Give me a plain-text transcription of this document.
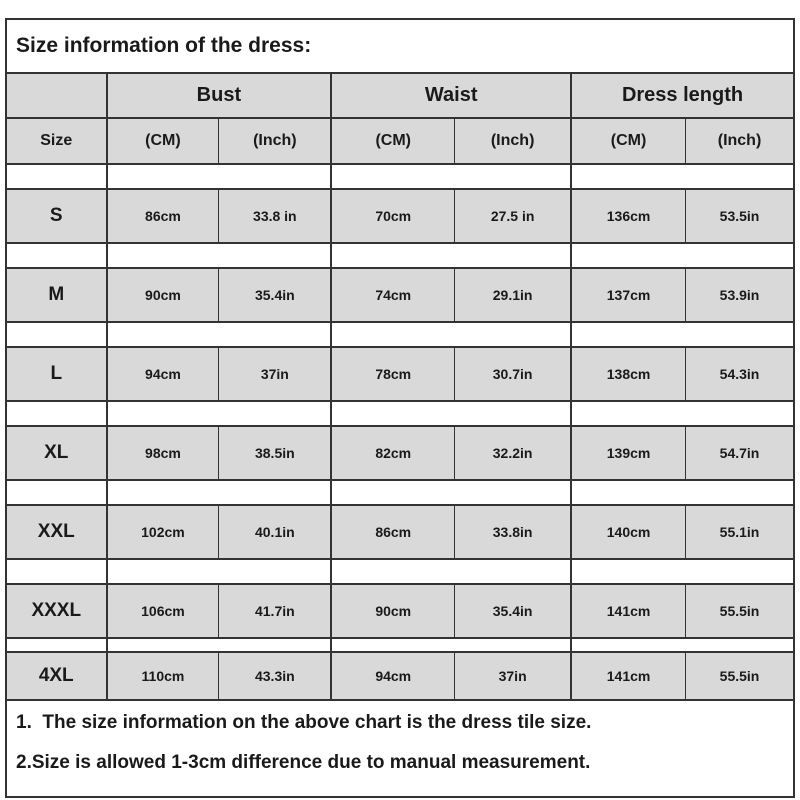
Size information of the dress:
	Bust		Waist		Dress length	
Size	(CM)	(Inch)	(CM)	(Inch)	(CM)	(Inch)

S	86cm	33.8 in	70cm	27.5 in	136cm	53.5in

M	90cm	35.4in	74cm	29.1in	137cm	53.9in

L	94cm	37in	78cm	30.7in	138cm	54.3in

XL	98cm	38.5in	82cm	32.2in	139cm	54.7in

XXL	102cm	40.1in	86cm	33.8in	140cm	55.1in

XXXL	106cm	41.7in	90cm	35.4in	141cm	55.5in

4XL	110cm	43.3in	94cm	37in	141cm	55.5in
1.  The size information on the above chart is the dress tile size.
2.Size is allowed 1-3cm difference due to manual measurement.
